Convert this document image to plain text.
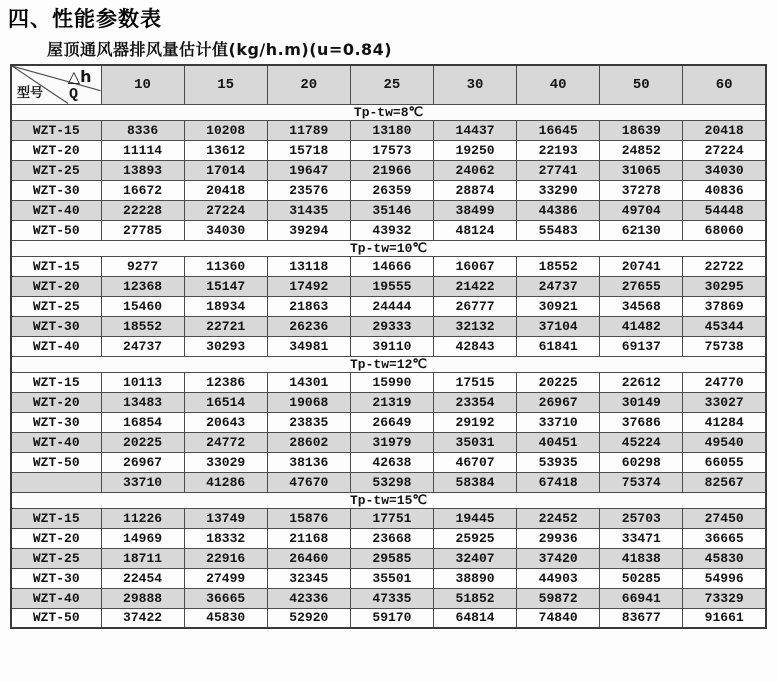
四、性能参数表
屋顶通风器排风量估计值(kg/h.m)(u=0.84)
△h
Q
型号	10	15	20	25	30	40	50	60
Tp-tw=8℃								
WZT-15	8336	10208	11789	13180	14437	16645	18639	20418
WZT-20	11114	13612	15718	17573	19250	22193	24852	27224
WZT-25	13893	17014	19647	21966	24062	27741	31065	34030
WZT-30	16672	20418	23576	26359	28874	33290	37278	40836
WZT-40	22228	27224	31435	35146	38499	44386	49704	54448
WZT-50	27785	34030	39294	43932	48124	55483	62130	68060
Tp-tw=10℃								
WZT-15	9277	11360	13118	14666	16067	18552	20741	22722
WZT-20	12368	15147	17492	19555	21422	24737	27655	30295
WZT-25	15460	18934	21863	24444	26777	30921	34568	37869
WZT-30	18552	22721	26236	29333	32132	37104	41482	45344
WZT-40	24737	30293	34981	39110	42843	61841	69137	75738
Tp-tw=12℃								
WZT-15	10113	12386	14301	15990	17515	20225	22612	24770
WZT-20	13483	16514	19068	21319	23354	26967	30149	33027
WZT-30	16854	20643	23835	26649	29192	33710	37686	41284
WZT-40	20225	24772	28602	31979	35031	40451	45224	49540
WZT-50	26967	33029	38136	42638	46707	53935	60298	66055
	33710	41286	47670	53298	58384	67418	75374	82567
Tp-tw=15℃								
WZT-15	11226	13749	15876	17751	19445	22452	25703	27450
WZT-20	14969	18332	21168	23668	25925	29936	33471	36665
WZT-25	18711	22916	26460	29585	32407	37420	41838	45830
WZT-30	22454	27499	32345	35501	38890	44903	50285	54996
WZT-40	29888	36665	42336	47335	51852	59872	66941	73329
WZT-50	37422	45830	52920	59170	64814	74840	83677	91661
